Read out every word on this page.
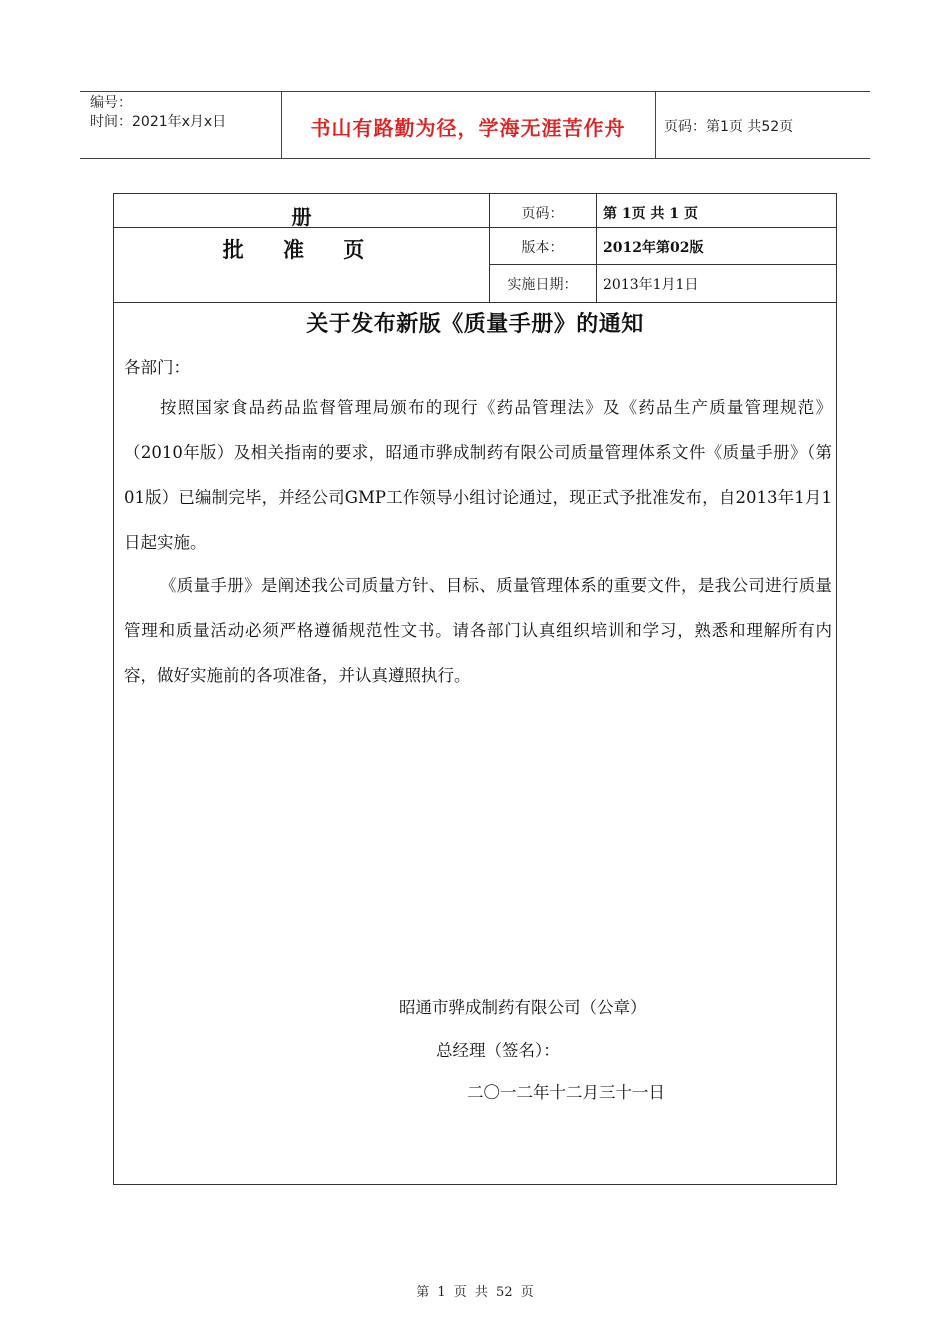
编号：
时间：2021年x月x日	书山有路勤为径，学海无涯苦作舟	页码：第1页 共52页
册
批 准 页
页码：	第 1页 共 1 页
版本：	2012年第02版
实施日期：	2013年1月1日
关于发布新版《质量手册》的通知
各部门：
按照国家食品药品监督管理局颁布的现行《药品管理法》及《药品生产质量管理规范》（2010年版）及相关指南的要求，昭通市骅成制药有限公司质量管理体系文件《质量手册》（第01版）已编制完毕，并经公司GMP工作领导小组讨论通过，现正式予批准发布，自2013年1月1日起实施。
《质量手册》是阐述我公司质量方针、目标、质量管理体系的重要文件，是我公司进行质量管理和质量活动必须严格遵循规范性文书。请各部门认真组织培训和学习，熟悉和理解所有内容，做好实施前的各项准备，并认真遵照执行。
昭通市骅成制药有限公司（公章）
总经理（签名）：
二〇一二年十二月三十一日
第 1 页 共 52 页
